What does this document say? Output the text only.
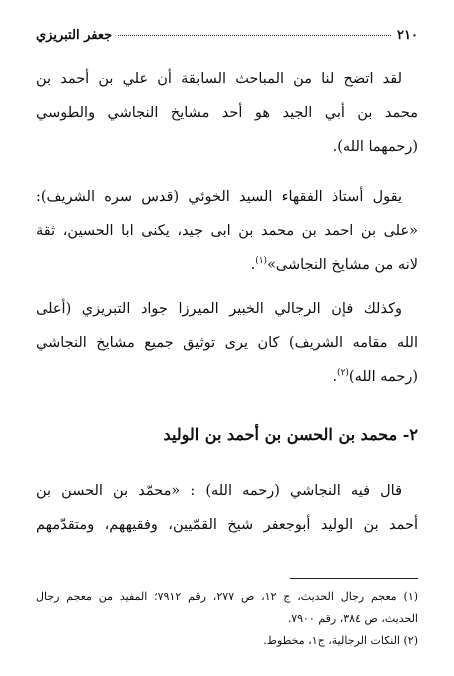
٢١٠
جعفر التبريزي
لقد اتضح لنا من المباحث السابقة أن علي بن أحمد بن
محمد بن أبي الجيد هو أحد مشايخ النجاشي والطوسي
(رحمهما الله).
يقول أستاذ الفقهاء السيد الخوئي (قدس سره الشريف):
«على بن احمد بن محمد بن ابى جيد، يكنى ابا الحسين، ثقة
لانه من مشايخ النجاشى»$^{(١)}$.
وكذلك فإن الرجالي الخبير الميرزا جواد التبريزي (أعلى
الله مقامه الشريف) كان يرى توثيق جميع مشايخ النجاشي
(رحمه الله)$^{(٢)}$.
٢- محمد بن الحسن بن أحمد بن الوليد
قال فيه النجاشي (رحمه الله) : «محمّد بن الحسن بن
أحمد بن الوليد أبوجعفر شيخ القمّيين، وفقيههم، ومتقدّمهم
(١) معجم رجال الحديث، ج ١٢، ص ٢٧٧، رقم ٧٩١٢؛ المفيد من معجم رجال
الحديث، ص ٣٨٤، رقم ٧٩٠٠.
(٢) النكات الرجالية، ج١، مخطوط.
